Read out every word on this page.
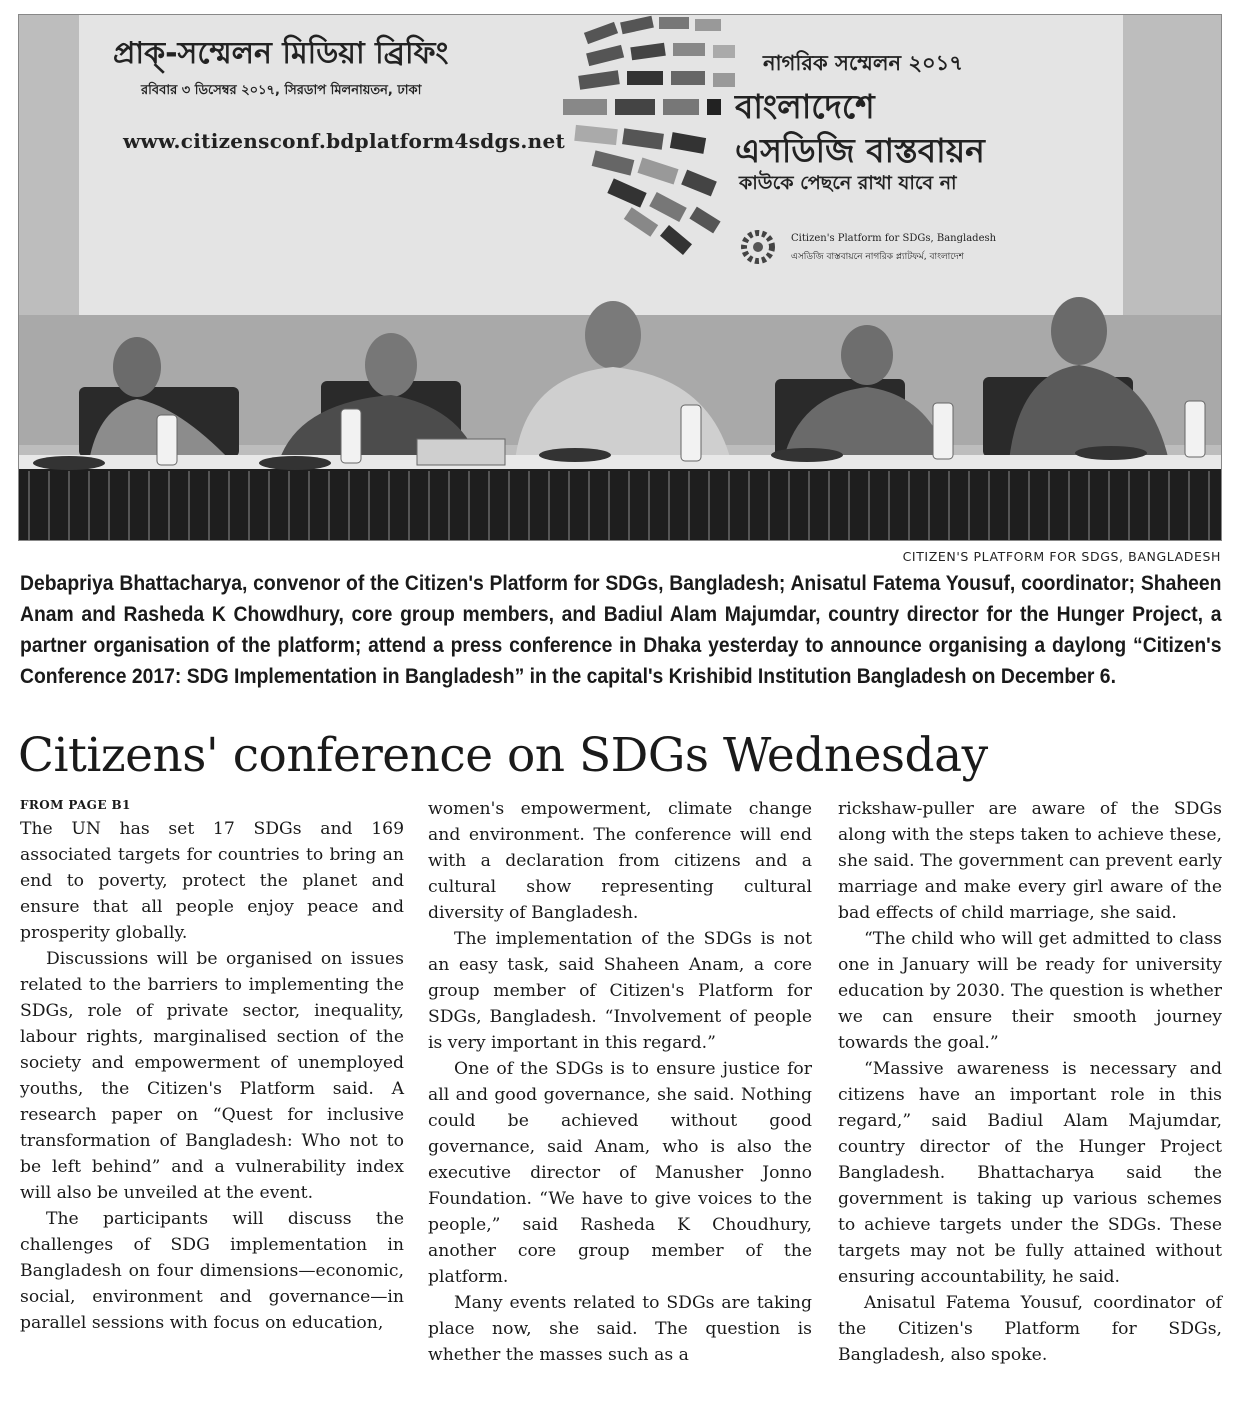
প্রাক্-সম্মেলন মিডিয়া ব্রিফিং
রবিবার ৩ ডিসেম্বর ২০১৭, সিরডাপ মিলনায়তন, ঢাকা
www.citizensconf.bdplatform4sdgs.net
নাগরিক সম্মেলন ২০১৭
বাংলাদেশে
এসডিজি বাস্তবায়ন
কাউকে পেছনে রাখা যাবে না
Citizen's Platform for SDGs, Bangladesh
এসডিজি বাস্তবায়নে নাগরিক প্ল্যাটফর্ম, বাংলাদেশ
CITIZEN'S PLATFORM FOR SDGS, BANGLADESH
Debapriya Bhattacharya, convenor of the Citizen's Platform for SDGs, Bangladesh; Anisatul Fatema Yousuf, coordinator; Shaheen Anam and Rasheda K Chowdhury, core group members, and Badiul Alam Majumdar, country director for the Hunger Project, a partner organisation of the platform; attend a press conference in Dhaka yesterday to announce organising a daylong “Citizen's Conference 2017: SDG Implementation in Bangladesh” in the capital's Krishibid Institution Bangladesh on December 6.
Citizens' conference on SDGs Wednesday
FROM PAGE B1

The UN has set 17 SDGs and 169 associated targets for countries to bring an end to poverty, protect the planet and ensure that all people enjoy peace and prosperity globally.

Discussions will be organised on issues related to the barriers to implementing the SDGs, role of private sector, inequality, labour rights, marginalised section of the society and empowerment of unemployed youths, the Citizen's Platform said. A research paper on “Quest for inclusive transformation of Bangladesh: Who not to be left behind” and a vulnerability index will also be unveiled at the event.

The participants will discuss the challenges of SDG implementation in Bangladesh on four dimensions—economic, social, environment and governance—in parallel sessions with focus on education,

women's empowerment, climate change and environment. The conference will end with a declaration from citizens and a cultural show representing cultural diversity of Bangladesh.

The implementation of the SDGs is not an easy task, said Shaheen Anam, a core group member of Citizen's Platform for SDGs, Bangladesh. “Involvement of people is very important in this regard.”

One of the SDGs is to ensure justice for all and good governance, she said. Nothing could be achieved without good governance, said Anam, who is also the executive director of Manusher Jonno Foundation. “We have to give voices to the people,” said Rasheda K Choudhury, another core group member of the platform.

Many events related to SDGs are taking place now, she said. The question is whether the masses such as a

rickshaw-puller are aware of the SDGs along with the steps taken to achieve these, she said. The government can prevent early marriage and make every girl aware of the bad effects of child marriage, she said.

“The child who will get admitted to class one in January will be ready for university education by 2030. The question is whether we can ensure their smooth journey towards the goal.”

“Massive awareness is necessary and citizens have an important role in this regard,” said Badiul Alam Majumdar, country director of the Hunger Project Bangladesh. Bhattacharya said the government is taking up various schemes to achieve targets under the SDGs. These targets may not be fully attained without ensuring accountability, he said.

Anisatul Fatema Yousuf, coordinator of the Citizen's Platform for SDGs, Bangladesh, also spoke.
